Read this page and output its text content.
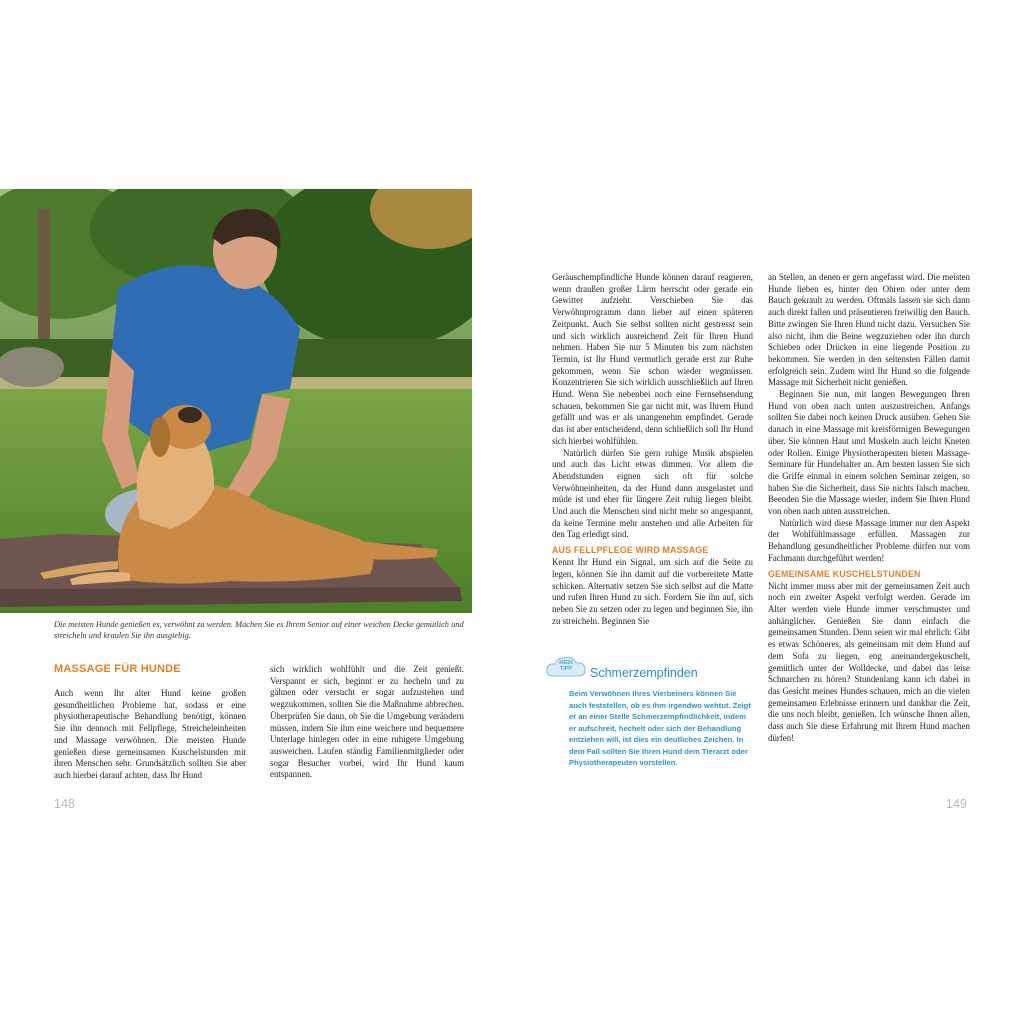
Die meisten Hunde genießen es, verwöhnt zu werden. Machen Sie es Ihrem Senior auf einer weichen Decke gemütlich und streicheln und kraulen Sie ihn ausgiebig.
MASSAGE FÜR HUNDE

Auch wenn Ihr alter Hund keine großen gesundheitlichen Probleme hat, sodass er eine physiotherapeutische Behandlung benötigt, können Sie ihn dennoch mit Fellpflege, Streicheleinheiten und Massage verwöhnen. Die meisten Hunde genießen diese gemeinsamen Kuschelstunden mit ihren Menschen sehr. Grundsätzlich sollten Sie aber auch hierbei darauf achten, dass Ihr Hund

sich wirklich wohlfühlt und die Zeit genießt. Verspannt er sich, beginnt er zu hecheln und zu gähnen oder versucht er sogar aufzustehen und wegzukommen, sollten Sie die Maßnahme abbrechen. Überprüfen Sie dann, ob Sie die Umgebung verändern müssen, indem Sie ihm eine weichere und bequemere Unterlage hinlegen oder in eine ruhigere Umgebung ausweichen. Laufen ständig Familienmitglieder oder sogar Besucher vorbei, wird Ihr Hund kaum entspannen.

148

Geräuschempfindliche Hunde können darauf reagieren, wenn draußen großer Lärm herrscht oder gerade ein Gewitter aufzieht. Verschieben Sie das Verwöhnprogramm dann lieber auf einen späteren Zeitpunkt. Auch Sie selbst sollten nicht gestresst sein und sich wirklich ausreichend Zeit für Ihren Hund nehmen. Haben Sie nur 5 Minuten bis zum nächsten Termin, ist Ihr Hund vermutlich gerade erst zur Ruhe gekommen, wenn Sie schon wieder wegmüssen. Konzentrieren Sie sich wirklich ausschließlich auf Ihren Hund. Wenn Sie nebenbei noch eine Fernsehsendung schauen, bekommen Sie gar nicht mit, was Ihrem Hund gefällt und was er als unangenehm empfindet. Gerade das ist aber entscheidend, denn schließlich soll Ihr Hund sich hierbei wohlfühlen.

Natürlich dürfen Sie gern ruhige Musik abspielen und auch das Licht etwas dimmen. Vor allem die Abendstunden eignen sich oft für solche Verwöhneinheiten, da der Hund dann ausgelastet und müde ist und eher für längere Zeit ruhig liegen bleibt. Und auch die Menschen sind nicht mehr so angespannt, da keine Termine mehr anstehen und alle Arbeiten für den Tag erledigt sind.

AUS FELLPFLEGE WIRD MASSAGE

Kennt Ihr Hund ein Signal, um sich auf die Seite zu legen, können Sie ihn damit auf die vorbereitete Matte schicken. Alternativ setzen Sie sich selbst auf die Matte und rufen Ihren Hund zu sich. Fordern Sie ihn auf, sich neben Sie zu setzen oder zu legen und beginnen Sie, ihn zu streicheln. Beginnen Sie

MEIN TIPP	Schmerzempfinden
Beim Verwöhnen Ihres Vierbeiners können Sie auch feststellen, ob es ihm irgendwo wehtut. Zeigt er an einer Stelle Schmerzempfindlichkeit, indem er aufschreit, hechelt oder sich der Behandlung entziehen will, ist dies ein deutliches Zeichen. In dem Fall sollten Sie Ihren Hund dem Tierarzt oder Physiotherapeuten vorstellen.

an Stellen, an denen er gern angefasst wird. Die meisten Hunde lieben es, hinter den Ohren oder unter dem Bauch gekrault zu werden. Oftmals lassen sie sich dann auch direkt fallen und präsentieren freiwillig den Bauch. Bitte zwingen Sie Ihren Hund nicht dazu. Versuchen Sie also nicht, ihm die Beine wegzuziehen oder ihn durch Schieben oder Drücken in eine liegende Position zu bekommen. Sie werden in den seltensten Fällen damit erfolgreich sein. Zudem wird Ihr Hund so die folgende Massage mit Sicherheit nicht genießen.

Beginnen Sie nun, mit langen Bewegungen Ihren Hund von oben nach unten auszustreichen. Anfangs sollten Sie dabei noch keinen Druck ausüben. Gehen Sie danach in eine Massage mit kreisförmigen Bewegungen über. Sie können Haut und Muskeln auch leicht Kneten oder Rollen. Einige Physiotherapeuten bieten Massage-Seminare für Hundehalter an. Am besten lassen Sie sich die Griffe einmal in einem solchen Seminar zeigen, so haben Sie die Sicherheit, dass Sie nichts falsch machen. Beenden Sie die Massage wieder, indem Sie Ihren Hund von oben nach unten ausstreichen.

Natürlich wird diese Massage immer nur den Aspekt der Wohlfühlmassage erfüllen. Massagen zur Behandlung gesundheitlicher Probleme dürfen nur vom Fachmann durchgeführt werden!

GEMEINSAME KUSCHELSTUNDEN

Nicht immer muss aber mit der gemeinsamen Zeit auch noch ein zweiter Aspekt verfolgt werden. Gerade im Alter werden viele Hunde immer verschmuster und anhänglicher. Genießen Sie dann einfach die gemeinsamen Stunden. Denn seien wir mal ehrlich: Gibt es etwas Schöneres, als gemeinsam mit dem Hund auf dem Sofa zu liegen, eng aneinandergekuschelt, gemütlich unter der Wolldecke, und dabei das leise Schnarchen zu hören? Stundenlang kann ich dabei in das Gesicht meines Hundes schauen, mich an die vielen gemeinsamen Erlebnisse erinnern und dankbar die Zeit, die uns noch bleibt, genießen. Ich wünsche Ihnen allen, dass auch Sie diese Erfahrung mit Ihrem Hund machen dürfen!

149
